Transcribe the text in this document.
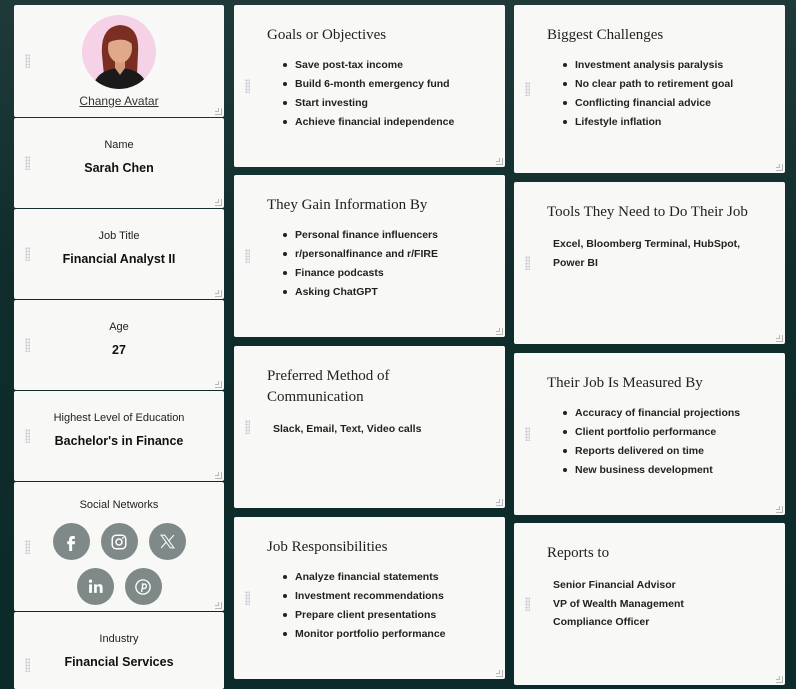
Change Avatar
Name
Sarah Chen
Job Title
Financial Analyst II
Age
27
Highest Level of Education
Bachelor's in Finance
Social Networks
Industry
Financial Services
Goals or Objectives
Save post-tax income
Build 6-month emergency fund
Start investing
Achieve financial independence
They Gain Information By
Personal finance influencers
r/personalfinance and r/FIRE
Finance podcasts
Asking ChatGPT
Preferred Method of
Communication
Slack, Email, Text, Video calls
Job Responsibilities
Analyze financial statements
Investment recommendations
Prepare client presentations
Monitor portfolio performance
Biggest Challenges
Investment analysis paralysis
No clear path to retirement goal
Conflicting financial advice
Lifestyle inflation
Tools They Need to Do Their Job
Excel, Bloomberg Terminal, HubSpot,
Power BI
Their Job Is Measured By
Accuracy of financial projections
Client portfolio performance
Reports delivered on time
New business development
Reports to
Senior Financial Advisor
VP of Wealth Management
Compliance Officer
